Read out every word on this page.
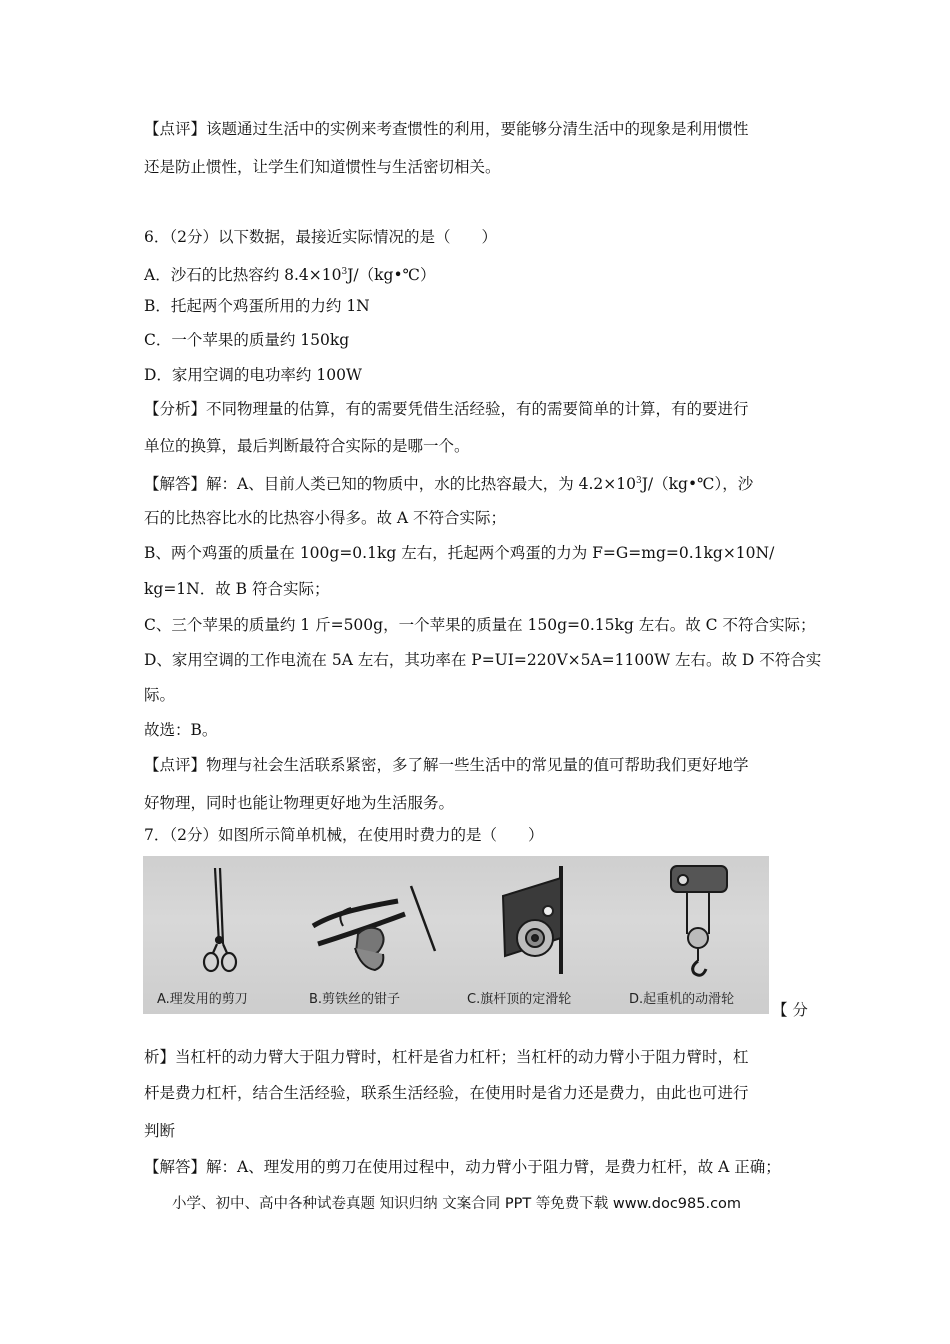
【点评】该题通过生活中的实例来考查惯性的利用，要能够分清生活中的现象是利用惯性
还是防止惯性，让学生们知道惯性与生活密切相关。
6．（2分）以下数据，最接近实际情况的是（　　）
A．沙石的比热容约 $8.4\times 10^3J/(kg•℃)$
B．托起两个鸡蛋所用的力约 1N
C．一个苹果的质量约 150kg
D．家用空调的电功率约 100W
【分析】不同物理量的估算，有的需要凭借生活经验，有的需要简单的计算，有的要进行
单位的换算，最后判断最符合实际的是哪一个。
【解答】解：A、目前人类已知的物质中，水的比热容最大，为 $4.2\times 10^3J/(kg•℃)$，沙
石的比热容比水的比热容小得多。故 A 不符合实际；
B、两个鸡蛋的质量在 100g=0.1kg 左右，托起两个鸡蛋的力为 F=G=mg=0.1kg×10N/
kg=1N．故 B 符合实际；
C、三个苹果的质量约 1 斤=500g，一个苹果的质量在 150g=0.15kg 左右。故 C 不符合实际；
D、家用空调的工作电流在 5A 左右，其功率在 P=UI=220V×5A=1100W 左右。故 D 不符合实
际。
故选：B。
【点评】物理与社会生活联系紧密，多了解一些生活中的常见量的值可帮助我们更好地学
好物理，同时也能让物理更好地为生活服务。
7．（2分）如图所示简单机械，在使用时费力的是（　　）
A.理发用的剪刀	B.剪铁丝的钳子	C.旗杆顶的定滑轮	D.起重机的动滑轮
【 分
析】当杠杆的动力臂大于阻力臂时，杠杆是省力杠杆；当杠杆的动力臂小于阻力臂时，杠
杆是费力杠杆，结合生活经验，联系生活经验，在使用时是省力还是费力，由此也可进行
判断
【解答】解：A、理发用的剪刀在使用过程中，动力臂小于阻力臂，是费力杠杆，故 A 正确；
小学、初中、高中各种试卷真题 知识归纳 文案合同 PPT 等免费下载 www.doc985.com
